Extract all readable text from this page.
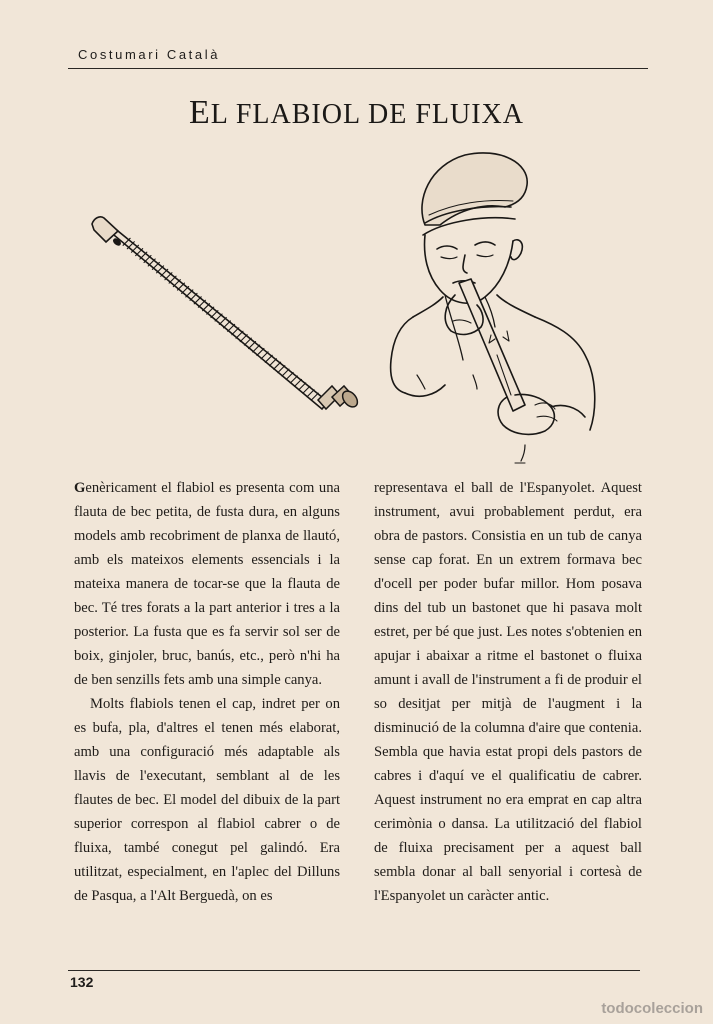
Costumari Català
EL FLABIOL DE FLUIXA

Genèricament el flabiol es presenta com una flauta de bec petita, de fusta dura, en alguns models amb recobriment de planxa de llautó, amb els mateixos elements essencials i la mateixa manera de tocar-se que la flauta de bec. Té tres forats a la part anterior i tres a la posterior. La fusta que es fa servir sol ser de boix, ginjoler, bruc, banús, etc., però n'hi ha de ben senzills fets amb una simple canya.

Molts flabiols tenen el cap, indret per on es bufa, pla, d'altres el tenen més elaborat, amb una configuració més adaptable als llavis de l'executant, semblant al de les flautes de bec. El model del dibuix de la part superior correspon al flabiol cabrer o de fluixa, també conegut pel galindó. Era utilitzat, especialment, en l'aplec del Dilluns de Pasqua, a l'Alt Berguedà, on es

representava el ball de l'Espanyolet. Aquest instrument, avui probablement perdut, era obra de pastors. Consistia en un tub de canya sense cap forat. En un extrem formava bec d'ocell per poder bufar millor. Hom posava dins del tub un bastonet que hi pasava molt estret, per bé que just. Les notes s'obtenien en apujar i abaixar a ritme el bastonet o fluixa amunt i avall de l'instrument a fi de produir el so desitjat per mitjà de l'augment i la disminució de la columna d'aire que contenia. Sembla que havia estat propi dels pastors de cabres i d'aquí ve el qualificatiu de cabrer. Aquest instrument no era emprat en cap altra cerimònia o dansa. La utilització del flabiol de fluixa precisament per a aquest ball sembla donar al ball senyorial i cortesà de l'Espanyolet un caràcter antic.

132
todocoleccion
